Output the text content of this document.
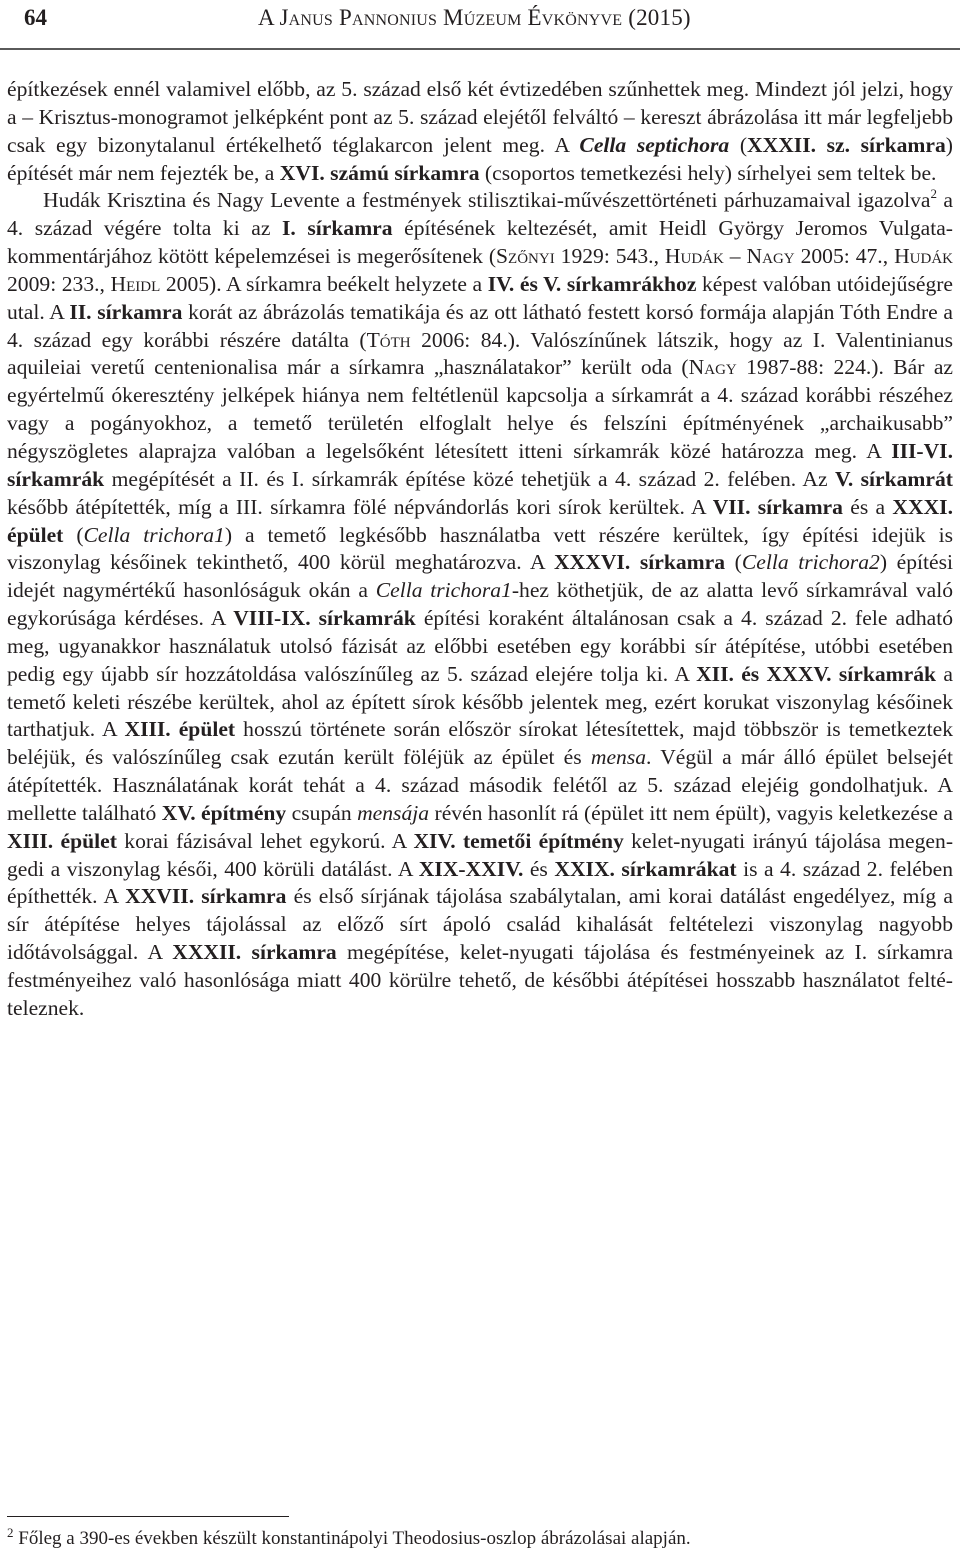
64	A Janus Pannonius Múzeum Évkönyve (2015)

építkezések ennél valamivel előbb, az 5. század első két évtizedében szűnhettek meg. Mindezt jól jelzi, hogy a – Krisztus-monogramot jelképként pont az 5. század elejétől felváltó – kereszt ábrázolása itt már legfeljebb csak egy bizonytalanul értékelhető téglakarcon jelent meg. A Cella septichora (XXXII. sz. sírkamra) építését már nem fejezték be, a XVI. számú sírkamra (csoportos temetkezési hely) sírhelyei sem teltek be.

Hudák Krisztina és Nagy Levente a festmények stilisztikai-művészettörténeti párhuzamaival igazolva$^2$ a 4. század végére tolta ki az I. sírkamra építésének keltezését, amit Heidl György Jeromos Vulgata-kommentárjához kötött képelemzései is megerősítenek (Szőnyi 1929: 543., Hudák – Nagy 2005: 47., Hudák 2009: 233., Heidl 2005). A sírkamra beékelt helyzete a IV. és V. sírkamrákhoz képest valóban utóidejűségre utal. A II. sírkamra korát az ábrázolás tematikája és az ott látható festett korsó formája alapján Tóth Endre a 4. század egy korábbi részére datálta (Tóth 2006: 84.). Valószínűnek látszik, hogy az I. Valentinianus aquileiai veretű centenionalisa már a sírkamra „használatakor” került oda (Nagy 1987-88: 224.). Bár az egyértelmű ókeresztény jelképek hiánya nem feltétlenül kapcsolja a sírkamrát a 4. század korábbi részéhez vagy a pogányokhoz, a temető területén elfoglalt helye és felszíni építményének „archaikusabb” négyszögletes alaprajza valóban a legelsőként létesített itteni sírkamrák közé határozza meg. A III-VI. sírkamrák megépítését a II. és I. sírkamrák építése közé tehetjük a 4. század 2. felében. Az V. sírkamrát később átépítették, míg a III. sírkamra fölé népvándorlás kori sírok kerültek. A VII. sírkamra és a XXXI. épület (Cella trichora1) a temető legkésőbb használatba vett részére kerültek, így építési idejük is viszonylag későinek tekinthető, 400 körül meghatározva. A XXXVI. sírkamra (Cella trichora2) építési idejét nagymértékű hasonlóságuk okán a Cella trichora1-hez köthetjük, de az alatta levő sírkamrával való egykorúsága kérdéses. A VIII-IX. sírkamrák építési koraként általánosan csak a 4. század 2. fele adható meg, ugyanakkor használatuk utolsó fázisát az előbbi esetében egy korábbi sír átépítése, utóbbi esetében pedig egy újabb sír hozzátoldása valószínűleg az 5. század elejére tolja ki. A XII. és XXXV. sírkamrák a temető keleti részébe kerültek, ahol az épített sírok később jelentek meg, ezért korukat viszonylag későinek tarthatjuk. A XIII. épület hosszú története során először sírokat létesítettek, majd többször is temetkeztek beléjük, és valószínűleg csak ezután került föléjük az épület és mensa. Végül a már álló épület belsejét átépítették. Használatának korát tehát a 4. század második felétől az 5. század elejéig gondolhatjuk. A mellette található XV. építmény csupán mensája révén hasonlít rá (épület itt nem épült), vagyis keletkezése a XIII. épület korai fázisával lehet egykorú. A XIV. temetői építmény kelet-nyugati irányú tájolása megengedi a viszonylag késői, 400 körüli datálást. A XIX-XXIV. és XXIX. sírkamrákat is a 4. század 2. felében építhették. A XXVII. sírkamra és első sírjának tájolása szabálytalan, ami korai datálást engedélyez, míg a sír átépítése helyes tájolással az előző sírt ápoló család kihalását feltételezi viszonylag nagyobb időtávolsággal. A XXXII. sírkamra megépítése, kelet-nyugati tájolása és festményeinek az I. sírkamra festményeihez való hasonlósága miatt 400 körülre tehető, de későbbi átépítései hosszabb használatot feltételeznek.

$^2$ Főleg a 390-es években készült konstantinápolyi Theodosius-oszlop ábrázolásai alapján.
